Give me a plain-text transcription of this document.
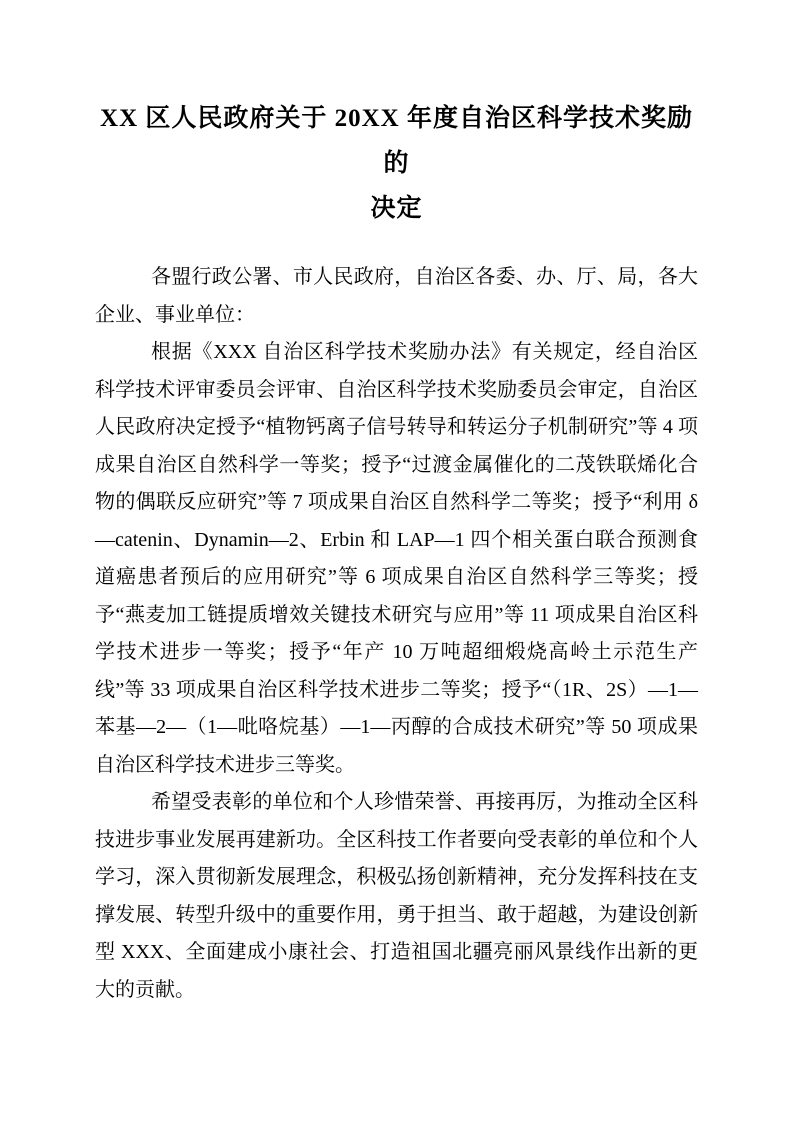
XX 区人民政府关于 20XX 年度自治区科学技术奖励的
决定

各盟行政公署、市人民政府，自治区各委、办、厅、局，各大企业、事业单位：

根据《XXX 自治区科学技术奖励办法》有关规定，经自治区科学技术评审委员会评审、自治区科学技术奖励委员会审定，自治区人民政府决定授予“植物钙离子信号转导和转运分子机制研究”等 4 项成果自治区自然科学一等奖；授予“过渡金属催化的二茂铁联烯化合物的偶联反应研究”等 7 项成果自治区自然科学二等奖；授予“利用 δ—catenin、Dynamin—2、Erbin 和 LAP—1 四个相关蛋白联合预测食道癌患者预后的应用研究”等 6 项成果自治区自然科学三等奖；授予“燕麦加工链提质增效关键技术研究与应用”等 11 项成果自治区科学技术进步一等奖；授予“年产 10 万吨超细煅烧高岭土示范生产线”等 33 项成果自治区科学技术进步二等奖；授予“（1R、2S）—1—苯基—2—（1—吡咯烷基）—1—丙醇的合成技术研究”等 50 项成果自治区科学技术进步三等奖。

希望受表彰的单位和个人珍惜荣誉、再接再厉，为推动全区科技进步事业发展再建新功。全区科技工作者要向受表彰的单位和个人学习，深入贯彻新发展理念，积极弘扬创新精神，充分发挥科技在支撑发展、转型升级中的重要作用，勇于担当、敢于超越，为建设创新型 XXX、全面建成小康社会、打造祖国北疆亮丽风景线作出新的更大的贡献。
